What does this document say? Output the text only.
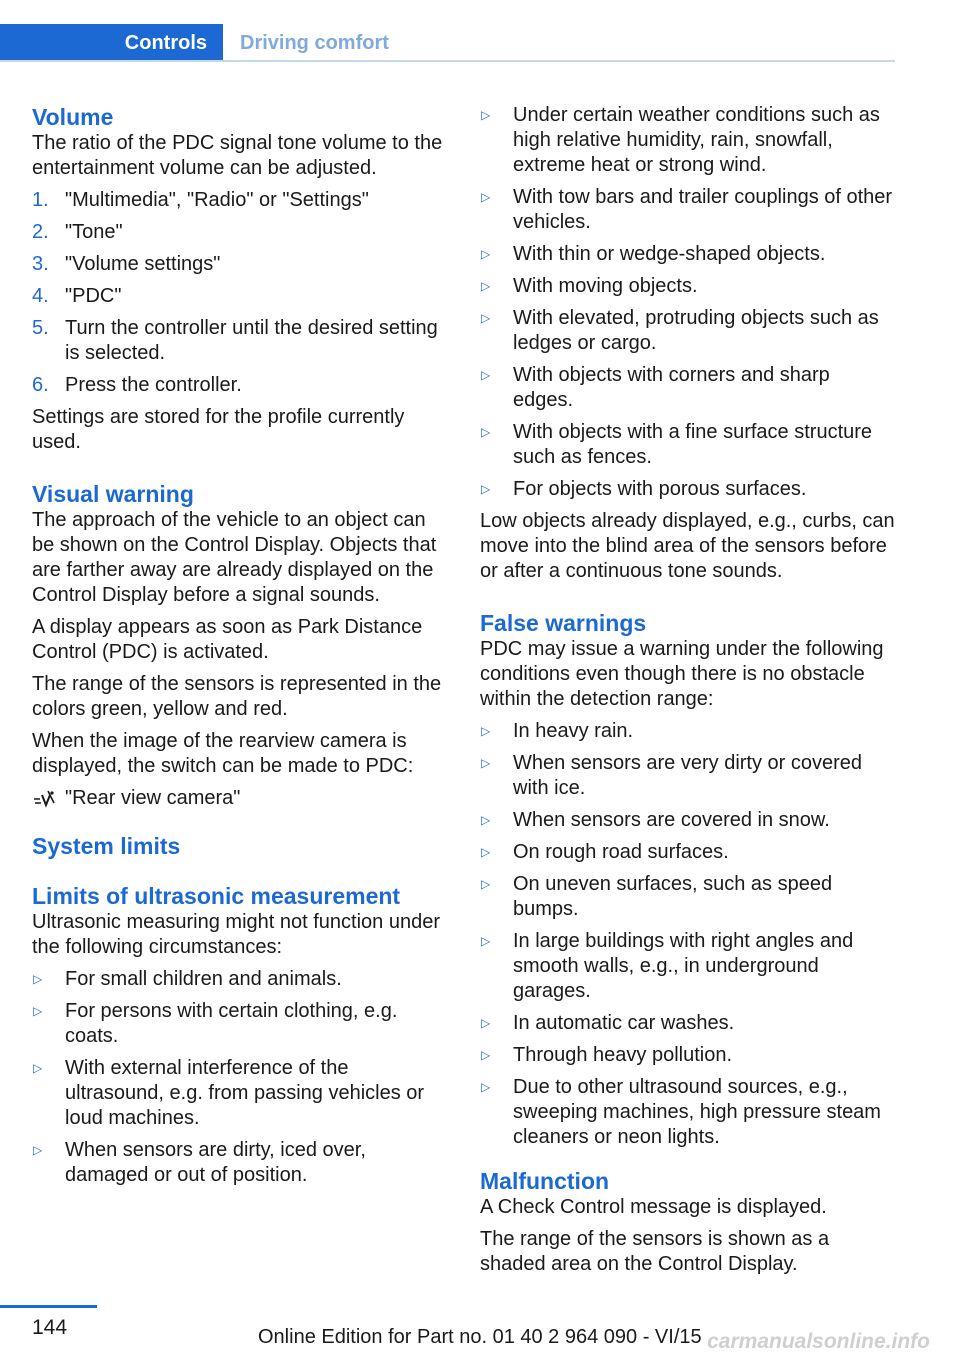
Controls	Driving comfort
Volume
The ratio of the PDC signal tone volume to the entertainment volume can be adjusted.
1. "Multimedia", "Radio" or "Settings"
2. "Tone"
3. "Volume settings"
4. "PDC"
5. Turn the controller until the desired setting is selected.
6. Press the controller.
Settings are stored for the profile currently used.
Visual warning
The approach of the vehicle to an object can be shown on the Control Display. Objects that are farther away are already displayed on the Control Display before a signal sounds.
A display appears as soon as Park Distance Control (PDC) is activated.
The range of the sensors is represented in the colors green, yellow and red.
When the image of the rearview camera is displayed, the switch can be made to PDC:
"Rear view camera"
System limits
Limits of ultrasonic measurement
Ultrasonic measuring might not function under the following circumstances:
▷ For small children and animals.
▷ For persons with certain clothing, e.g. coats.
▷ With external interference of the ultrasound, e.g. from passing vehicles or loud machines.
▷ When sensors are dirty, iced over, damaged or out of position.
▷ Under certain weather conditions such as high relative humidity, rain, snowfall, extreme heat or strong wind.
▷ With tow bars and trailer couplings of other vehicles.
▷ With thin or wedge-shaped objects.
▷ With moving objects.
▷ With elevated, protruding objects such as ledges or cargo.
▷ With objects with corners and sharp edges.
▷ With objects with a fine surface structure such as fences.
▷ For objects with porous surfaces.
Low objects already displayed, e.g., curbs, can move into the blind area of the sensors before or after a continuous tone sounds.
False warnings
PDC may issue a warning under the following conditions even though there is no obstacle within the detection range:
▷ In heavy rain.
▷ When sensors are very dirty or covered with ice.
▷ When sensors are covered in snow.
▷ On rough road surfaces.
▷ On uneven surfaces, such as speed bumps.
▷ In large buildings with right angles and smooth walls, e.g., in underground garages.
▷ In automatic car washes.
▷ Through heavy pollution.
▷ Due to other ultrasound sources, e.g., sweeping machines, high pressure steam cleaners or neon lights.
Malfunction
A Check Control message is displayed.
The range of the sensors is shown as a shaded area on the Control Display.
144	Online Edition for Part no. 01 40 2 964 090 - VI/15 carmanualsonline.info
